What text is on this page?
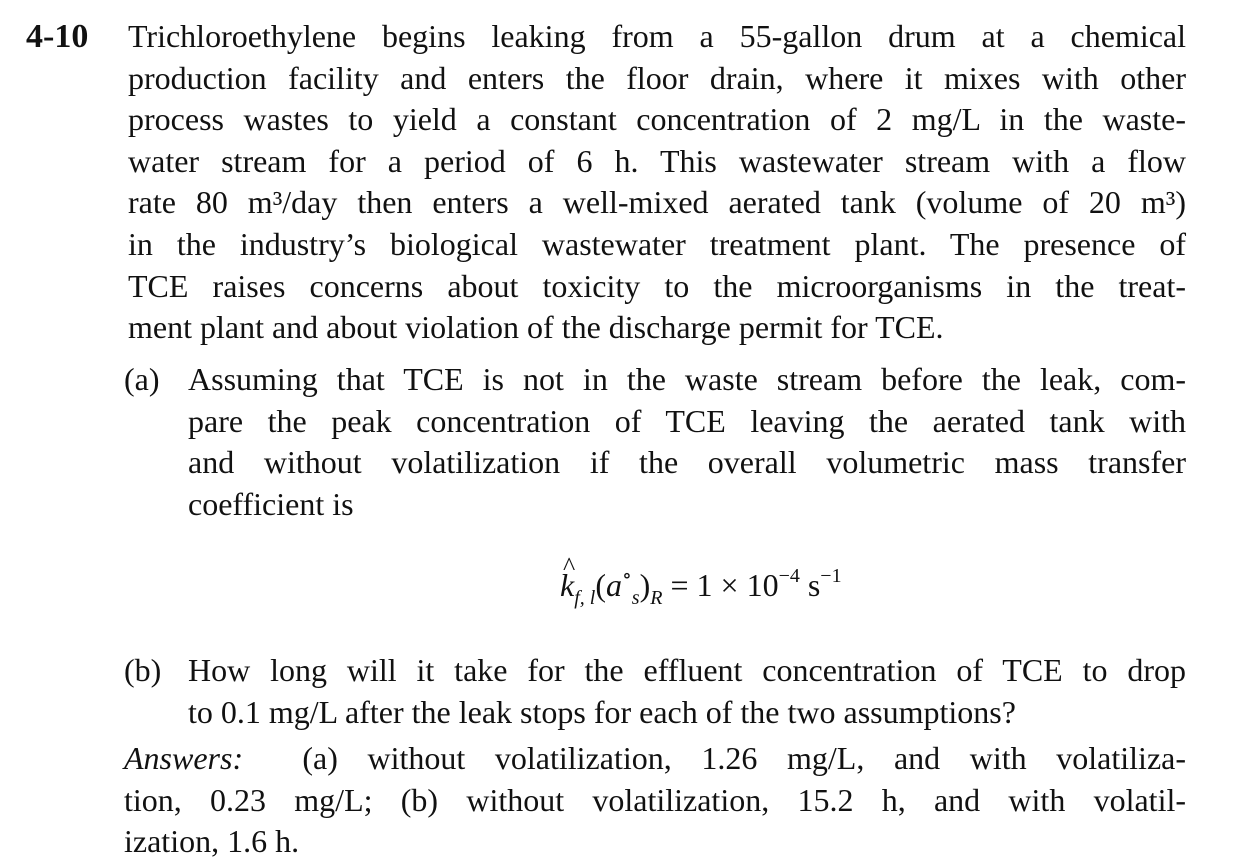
4-10 Trichloroethylene begins leaking from a 55-gallon drum at a chemical
production facility and enters the floor drain, where it mixes with other
process wastes to yield a constant concentration of 2 mg/L in the waste-
water stream for a period of 6 h. This wastewater stream with a flow
rate 80 m³/day then enters a well-mixed aerated tank (volume of 20 m³)
in the industry’s biological wastewater treatment plant. The presence of
TCE raises concerns about toxicity to the microorganisms in the treat-
ment plant and about violation of the discharge permit for TCE.
(a) Assuming that TCE is not in the waste stream before the leak, com-
pare the peak concentration of TCE leaving the aerated tank with
and without volatilization if the overall volumetric mass transfer
coefficient is
^ $k_{f, l}(a^\circ_s)_R = 1 \times 10^{-4}$ $s^{-1}$
(b) How long will it take for the effluent concentration of TCE to drop
to 0.1 mg/L after the leak stops for each of the two assumptions?
Answers: (a) without volatilization, 1.26 mg/L, and with volatiliza-
tion, 0.23 mg/L; (b) without volatilization, 15.2 h, and with volatil-
ization, 1.6 h.
